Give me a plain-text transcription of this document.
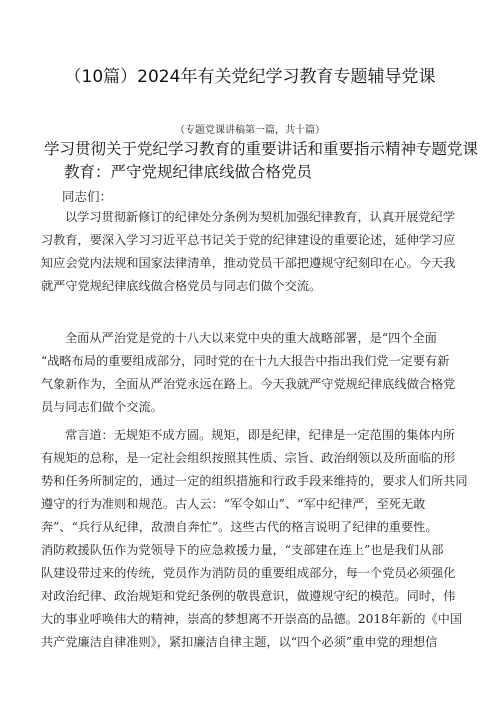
（10篇）2024年有关党纪学习教育专题辅导党课
（专题党课讲稿第一篇，共十篇）
学习贯彻关于党纪学习教育的重要讲话和重要指示精神专题党课
教育：严守党规纪律底线做合格党员
同志们：
以学习贯彻新修订的纪律处分条例为契机加强纪律教育，认真开展党纪学
习教育，要深入学习习近平总书记关于党的纪律建设的重要论述，延伸学习应
知应会党内法规和国家法律清单，推动党员干部把遵规守纪刻印在心。今天我
就严守党规纪律底线做合格党员与同志们做个交流。
全面从严治党是党的十八大以来党中央的重大战略部署，是“四个全面
“战略布局的重要组成部分，同时党的在十九大报告中指出我们党一定要有新
气象新作为，全面从严治党永远在路上。今天我就严守党规纪律底线做合格党
员与同志们做个交流。
常言道：无规矩不成方圆。规矩，即是纪律，纪律是一定范围的集体内所
有规矩的总称，是一定社会组织按照其性质、宗旨、政治纲领以及所面临的形
势和任务所制定的，通过一定的组织措施和行政手段来维持的，要求人们所共同
遵守的行为准则和规范。古人云：“军令如山”、“军中纪律严，至死无敢
奔”、“兵行从纪律，敌溃自奔忙”。这些古代的格言说明了纪律的重要性。
消防救援队伍作为党领导下的应急救援力量，“支部建在连上”也是我们从部
队建设带过来的传统，党员作为消防员的重要组成部分，每一个党员必须强化
对政治纪律、政治规矩和党纪条例的敬畏意识，做遵规守纪的模范。同时，伟
大的事业呼唤伟大的精神，崇高的梦想离不开崇高的品德。2018年新的《中国
共产党廉洁自律准则》，紧扣廉洁自律主题，以“四个必须”重申党的理想信
